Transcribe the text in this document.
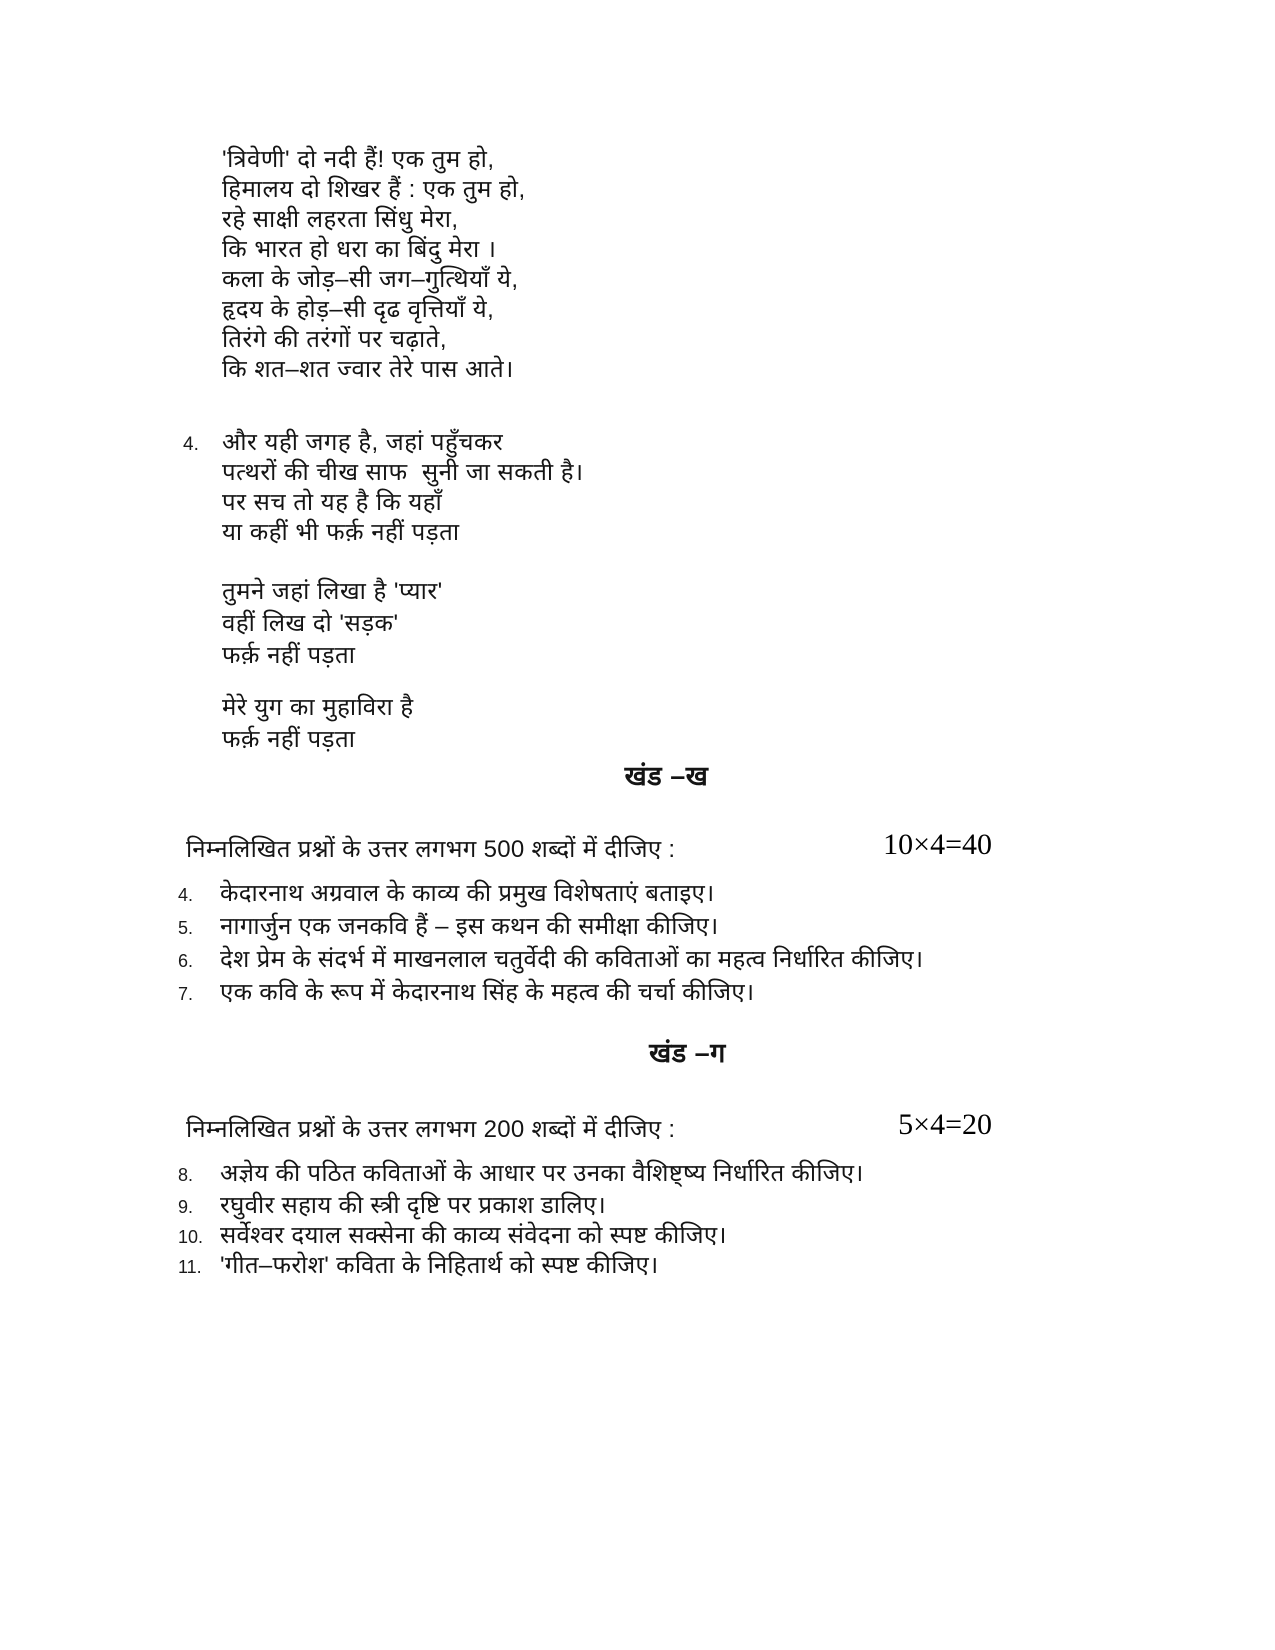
'त्रिवेणी' दो नदी हैं! एक तुम हो,
हिमालय दो शिखर हैं : एक तुम हो,
रहे साक्षी लहरता सिंधु मेरा,
कि भारत हो धरा का बिंदु मेरा ।
कला के जोड़–सी जग–गुत्थियाँ ये,
हृदय के होड़–सी दृढ वृत्तियाँ ये,
तिरंगे की तरंगों पर चढ़ाते,
कि शत–शत ज्वार तेरे पास आते।
4. और यही जगह है, जहां पहुँचकर
पत्थरों की चीख साफ  सुनी जा सकती है।
पर सच तो यह है कि यहाँ
या कहीं भी फर्क़ नहीं पड़ता
तुमने जहां लिखा है 'प्यार'
वहीं लिख दो 'सड़क'
फर्क़ नहीं पड़ता
मेरे युग का मुहाविरा है
फर्क़ नहीं पड़ता
खंड –ख
निम्नलिखित प्रश्नों के उत्तर लगभग 500 शब्दों में दीजिए :	10×4=40
4.	केदारनाथ अग्रवाल के काव्य की प्रमुख विशेषताएं बताइए।
5.	नागार्जुन एक जनकवि हैं – इस कथन की समीक्षा कीजिए।
6.	देश प्रेम के संदर्भ में माखनलाल चतुर्वेदी की कविताओं का महत्व निर्धारित कीजिए।
7.	एक कवि के रूप में केदारनाथ सिंह के महत्व की चर्चा कीजिए।
खंड –ग
निम्नलिखित प्रश्नों के उत्तर लगभग 200 शब्दों में दीजिए :	5×4=20
8.	अज्ञेय की पठित कविताओं के आधार पर उनका वैशिष्ट्ष्य निर्धारित कीजिए।
9.	रघुवीर सहाय की स्त्री दृष्टि पर प्रकाश डालिए।
10. सर्वेश्वर दयाल सक्सेना की काव्य संवेदना को स्पष्ट कीजिए।
11. 'गीत–फरोश' कविता के निहितार्थ को स्पष्ट कीजिए।
